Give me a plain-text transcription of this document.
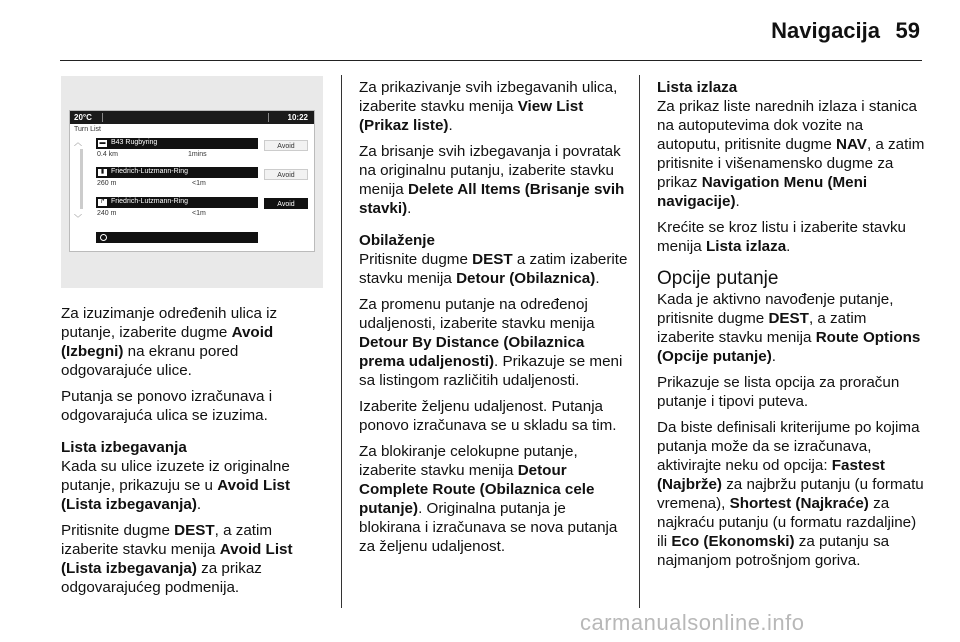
Navigacija 59
20°C	10:22
Turn List
︿
﹀
▬ B43 Rugbyring
0.4 km	1mins
Avoid
▮ Friedrich-Lutzmann-Ring
260 m	<1m
Avoid
↱ Friedrich-Lutzmann-Ring
240 m	<1m
Avoid

Za izuzimanje određenih ulica iz putanje, izaberite dugme Avoid (Izbegni) na ekranu pored odgovarajuće ulice.

Putanja se ponovo izračunava i odgovarajuća ulica se izuzima.

Lista izbegavanja

Kada su ulice izuzete iz originalne putanje, prikazuju se u Avoid List (Lista izbegavanja).

Pritisnite dugme DEST, a zatim izaberite stavku menija Avoid List (Lista izbegavanja) za prikaz odgovarajućeg podmenija.

Za prikazivanje svih izbegavanih ulica, izaberite stavku menija View List (Prikaz liste).

Za brisanje svih izbegavanja i povratak na originalnu putanju, izaberite stavku menija Delete All Items (Brisanje svih stavki).

Obilaženje

Pritisnite dugme DEST a zatim izaberite stavku menija Detour (Obilaznica).

Za promenu putanje na određenoj udaljenosti, izaberite stavku menija Detour By Distance (Obilaznica prema udaljenosti). Prikazuje se meni sa listingom različitih udaljenosti.

Izaberite željenu udaljenost. Putanja ponovo izračunava se u skladu sa tim.

Za blokiranje celokupne putanje, izaberite stavku menija Detour Complete Route (Obilaznica cele putanje). Originalna putanja je blokirana i izračunava se nova putanja za željenu udaljenost.

Lista izlaza

Za prikaz liste narednih izlaza i stanica na autoputevima dok vozite na autoputu, pritisnite dugme NAV, a zatim pritisnite i višenamensko dugme za prikaz Navigation Menu (Meni navigacije).

Krećite se kroz listu i izaberite stavku menija Lista izlaza.

Opcije putanje

Kada je aktivno navođenje putanje, pritisnite dugme DEST, a zatim izaberite stavku menija Route Options (Opcije putanje).

Prikazuje se lista opcija za proračun putanje i tipovi puteva.

Da biste definisali kriterijume po kojima putanja može da se izračunava, aktivirajte neku od opcija: Fastest (Najbrže) za najbržu putanju (u formatu vremena), Shortest (Najkraće) za najkraću putanju (u formatu razdaljine) ili Eco (Ekonomski) za putanju sa najmanjom potrošnjom goriva.

carmanualsonline.info
